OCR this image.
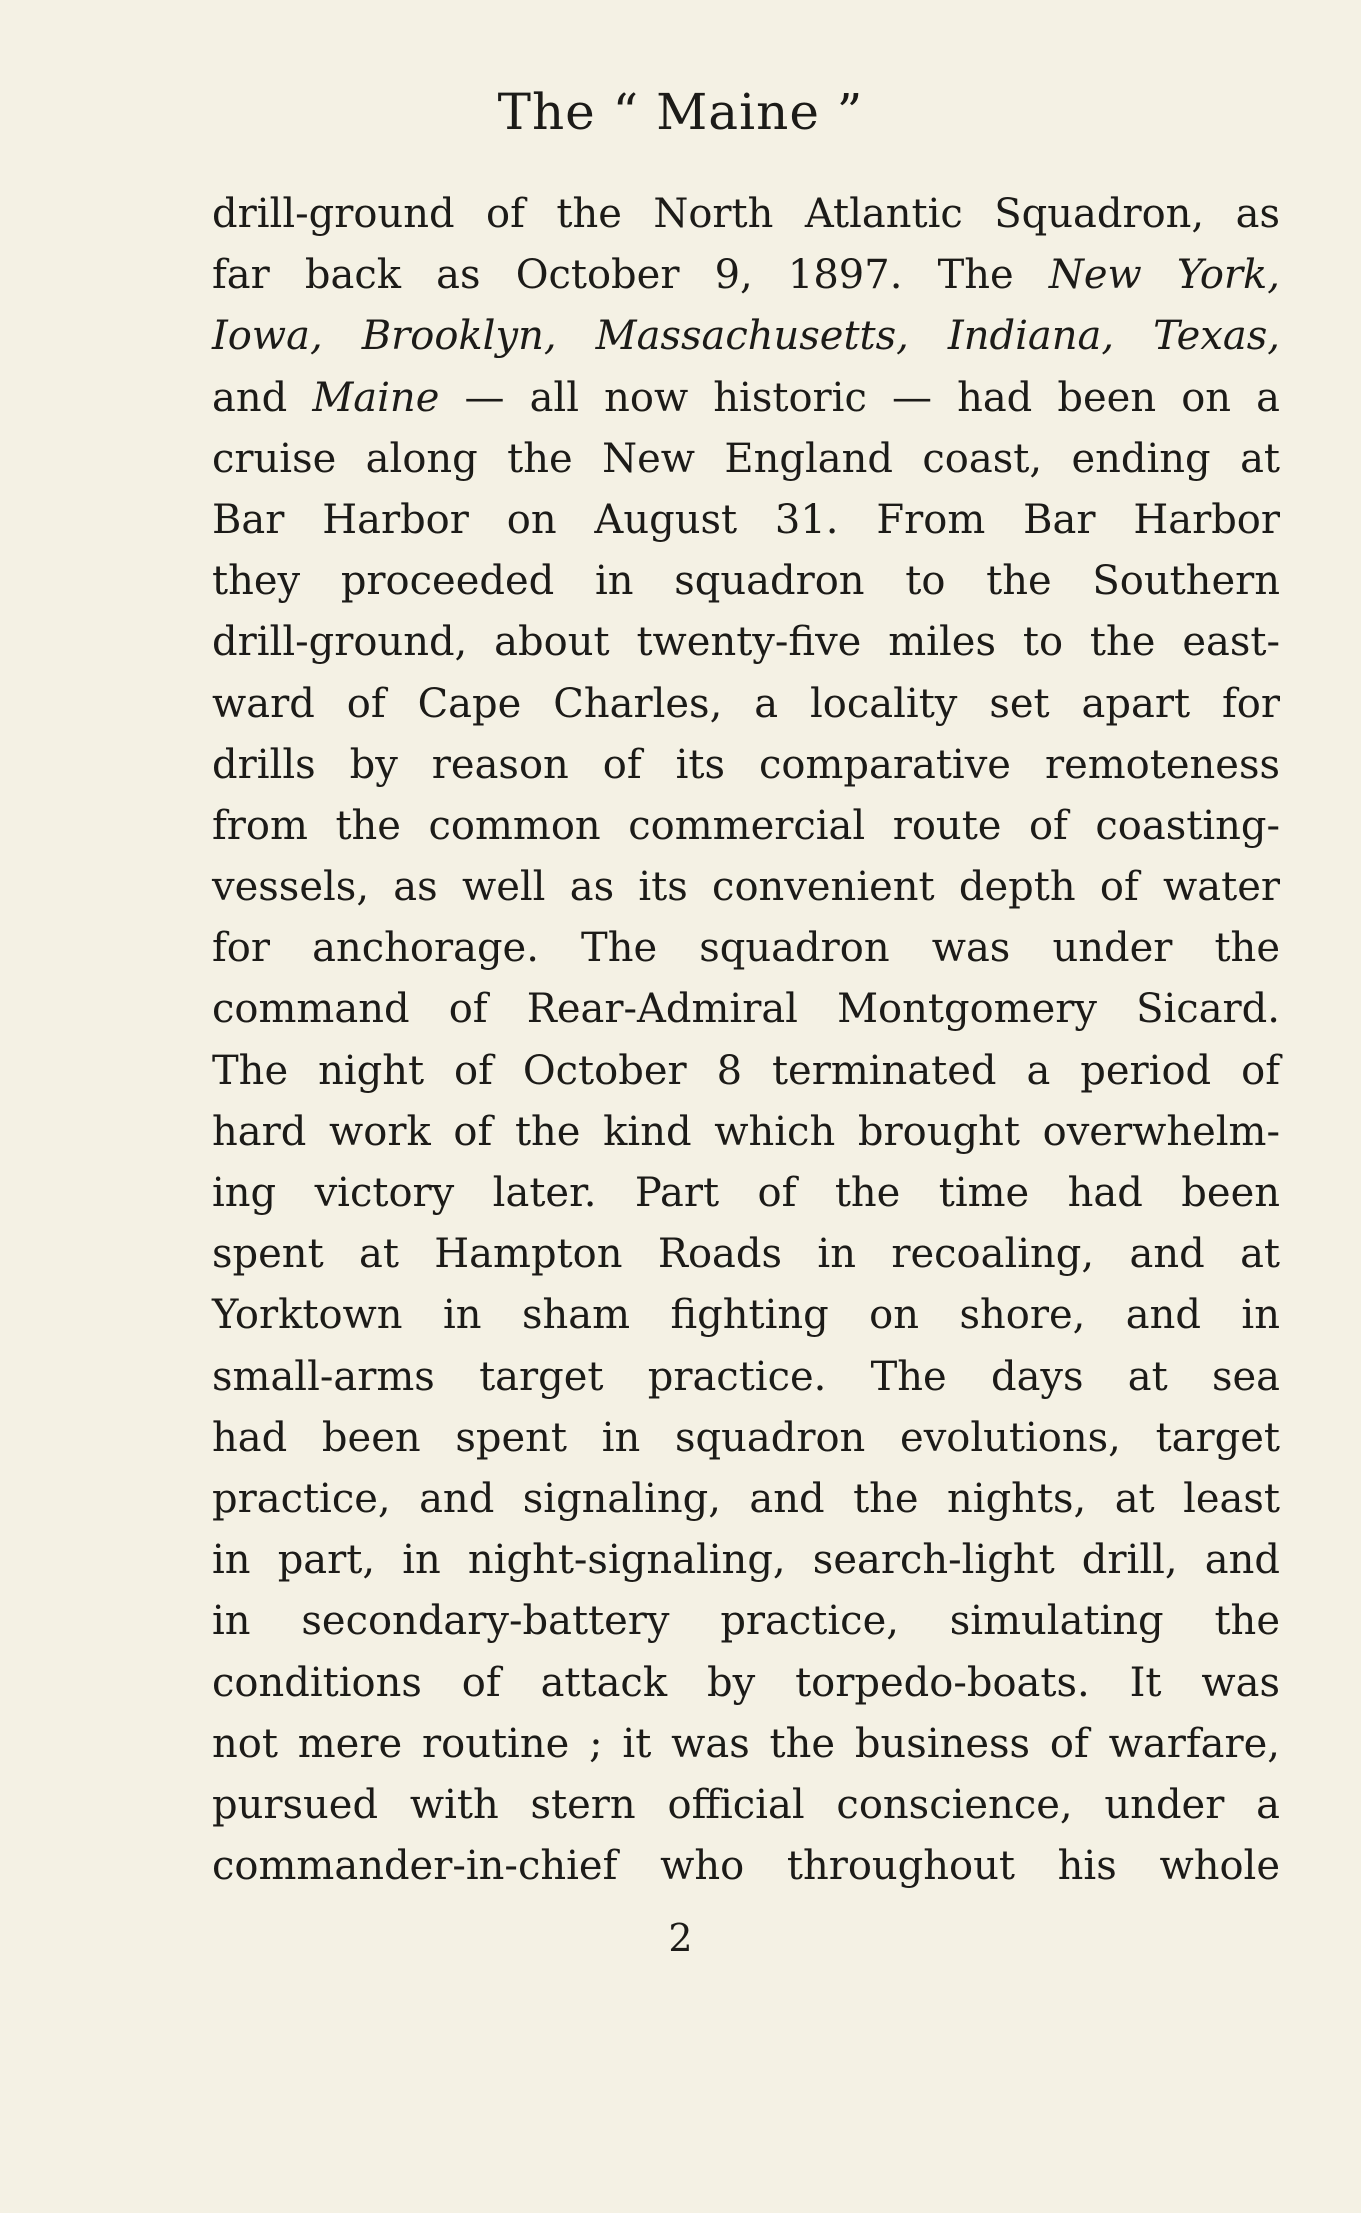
The “ Maine ”
drill-ground of the North Atlantic Squadron, as
far back as October 9, 1897. The New York,
Iowa, Brooklyn, Massachusetts, Indiana, Texas,
and Maine — all now historic — had been on a
cruise along the New England coast, ending at
Bar Harbor on August 31. From Bar Harbor
they proceeded in squadron to the Southern
drill-ground, about twenty-five miles to the east-
ward of Cape Charles, a locality set apart for
drills by reason of its comparative remoteness
from the common commercial route of coasting-
vessels, as well as its convenient depth of water
for anchorage. The squadron was under the
command of Rear-Admiral Montgomery Sicard.
The night of October 8 terminated a period of
hard work of the kind which brought overwhelm-
ing victory later. Part of the time had been
spent at Hampton Roads in recoaling, and at
Yorktown in sham fighting on shore, and in
small-arms target practice. The days at sea
had been spent in squadron evolutions, target
practice, and signaling, and the nights, at least
in part, in night-signaling, search-light drill, and
in secondary-battery practice, simulating the
conditions of attack by torpedo-boats. It was
not mere routine ; it was the business of warfare,
pursued with stern official conscience, under a
commander-in-chief who throughout his whole
2
